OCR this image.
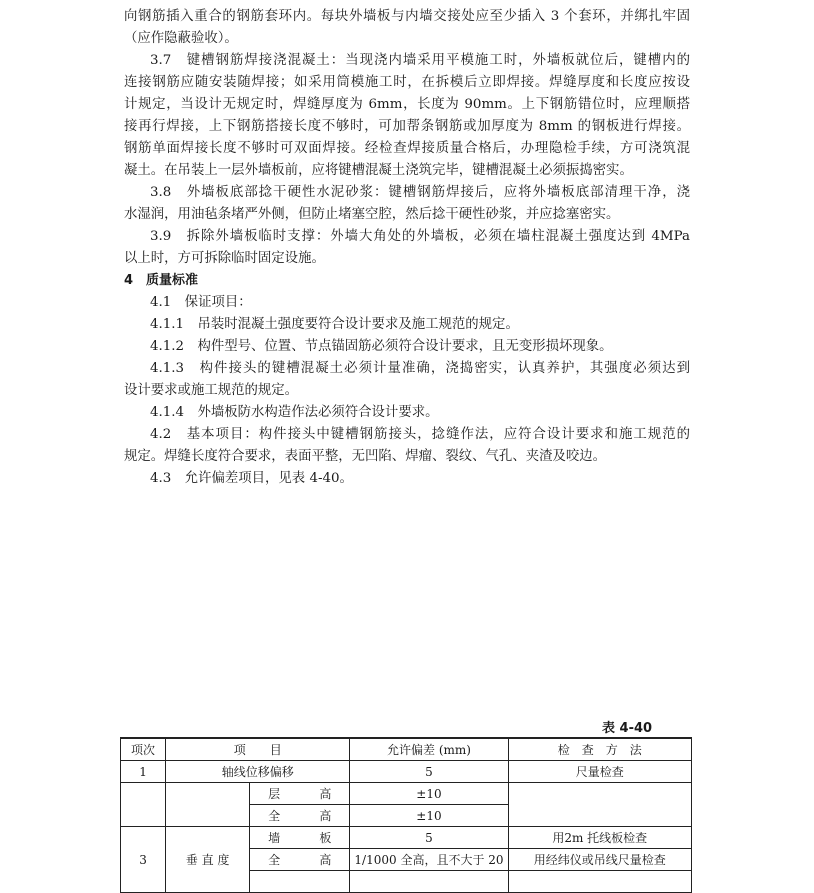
向钢筋插入重合的钢筋套环内。每块外墙板与内墙交接处应至少插入 3 个套环，并绑扎牢固
（应作隐蔽验收）。
3.7　键槽钢筋焊接浇混凝土：当现浇内墙采用平模施工时，外墙板就位后，键槽内的
连接钢筋应随安装随焊接；如采用筒模施工时，在拆模后立即焊接。焊缝厚度和长度应按设
计规定，当设计无规定时，焊缝厚度为 6mm，长度为 90mm。上下钢筋错位时，应理顺搭
接再行焊接，上下钢筋搭接长度不够时，可加帮条钢筋或加厚度为 8mm 的钢板进行焊接。
钢筋单面焊接长度不够时可双面焊接。经检查焊接质量合格后，办理隐检手续，方可浇筑混
凝土。在吊装上一层外墙板前，应将键槽混凝土浇筑完毕，键槽混凝土必须振捣密实。
3.8　外墙板底部捻干硬性水泥砂浆：键槽钢筋焊接后，应将外墙板底部清理干净，浇
水湿润，用油毡条堵严外侧，但防止堵塞空腔，然后捻干硬性砂浆，并应捻塞密实。
3.9　拆除外墙板临时支撑：外墙大角处的外墙板，必须在墙柱混凝土强度达到 4MPa
以上时，方可拆除临时固定设施。
4　质量标准
4.1　保证项目：
4.1.1　吊装时混凝土强度要符合设计要求及施工规范的规定。
4.1.2　构件型号、位置、节点锚固筋必须符合设计要求，且无变形损坏现象。
4.1.3　构件接头的键槽混凝土必须计量准确，浇捣密实，认真养护，其强度必须达到
设计要求或施工规范的规定。
4.1.4　外墙板防水构造作法必须符合设计要求。
4.2　基本项目：构件接头中键槽钢筋接头，捻缝作法，应符合设计要求和施工规范的
规定。焊缝长度符合要求，表面平整，无凹陷、焊瘤、裂纹、气孔、夹渣及咬边。
4.3　允许偏差项目，见表 4-40。
表 4-40
项次	项　　目		允许偏差 (mm)	检　查　方　法
1	轴线位移偏移		5	尺量检查

		层 高	±10	

		全 高	±10	
3	垂 直 度	墙 板	5	用2m 托线板检查

		全 高	1/1000 全高，且不大于 20	用经纬仪或吊线尺量检查
